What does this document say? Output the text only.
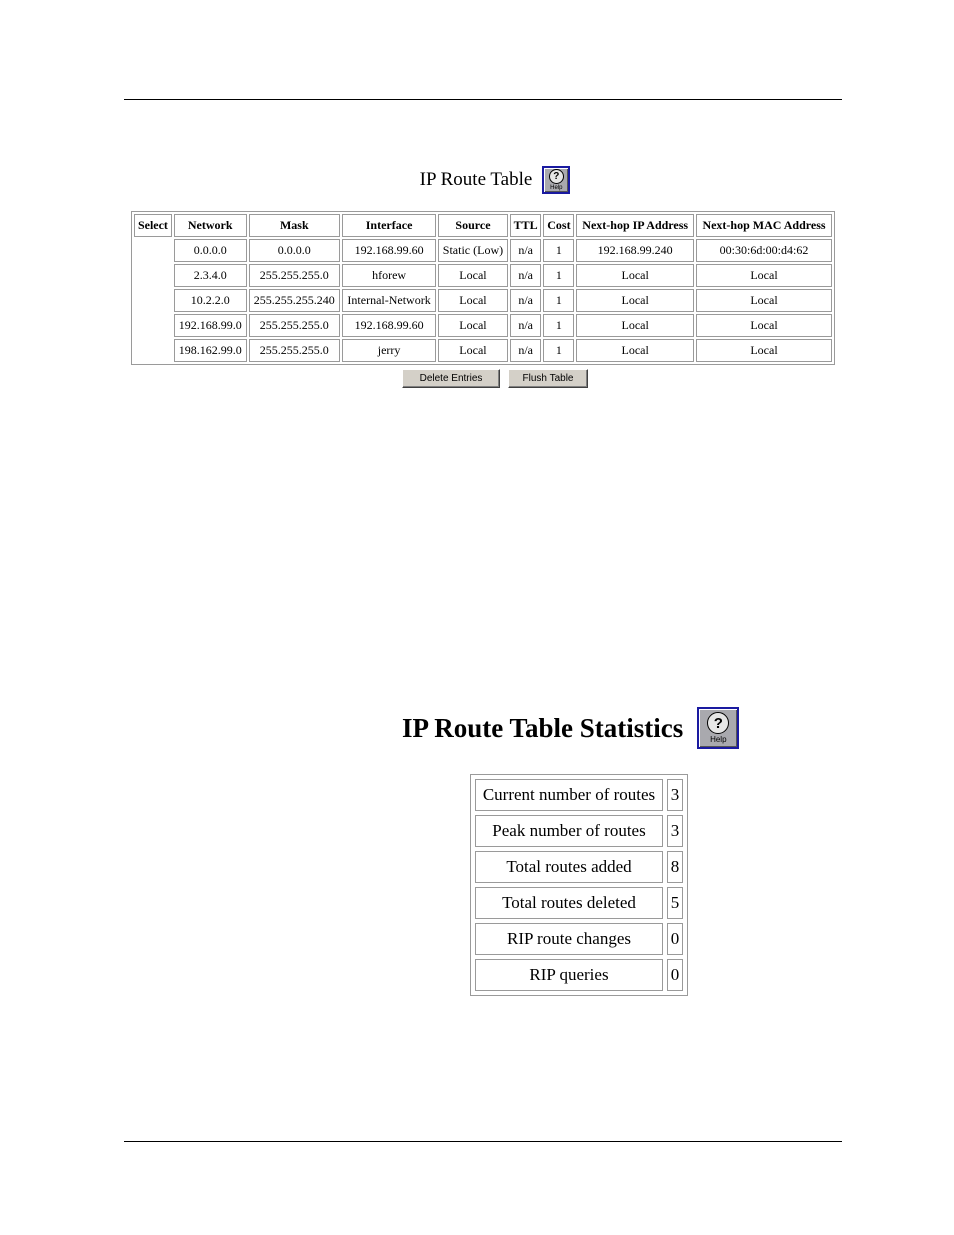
IP Route Table	?
Help
Select	Network	Mask	Interface	Source	TTL	Cost	Next-hop IP Address	Next-hop MAC Address
	0.0.0.0	0.0.0.0	192.168.99.60	Static (Low)	n/a	1	192.168.99.240	00:30:6d:00:d4:62
	2.3.4.0	255.255.255.0	hforew	Local	n/a	1	Local	Local
	10.2.2.0	255.255.255.240	Internal-Network	Local	n/a	1	Local	Local
	192.168.99.0	255.255.255.0	192.168.99.60	Local	n/a	1	Local	Local
	198.162.99.0	255.255.255.0	jerry	Local	n/a	1	Local	Local
Delete Entries	Flush Table
IP Route Table Statistics	?
Help
Current number of routes	3
Peak number of routes	3
Total routes added	8
Total routes deleted	5
RIP route changes	0
RIP queries	0
